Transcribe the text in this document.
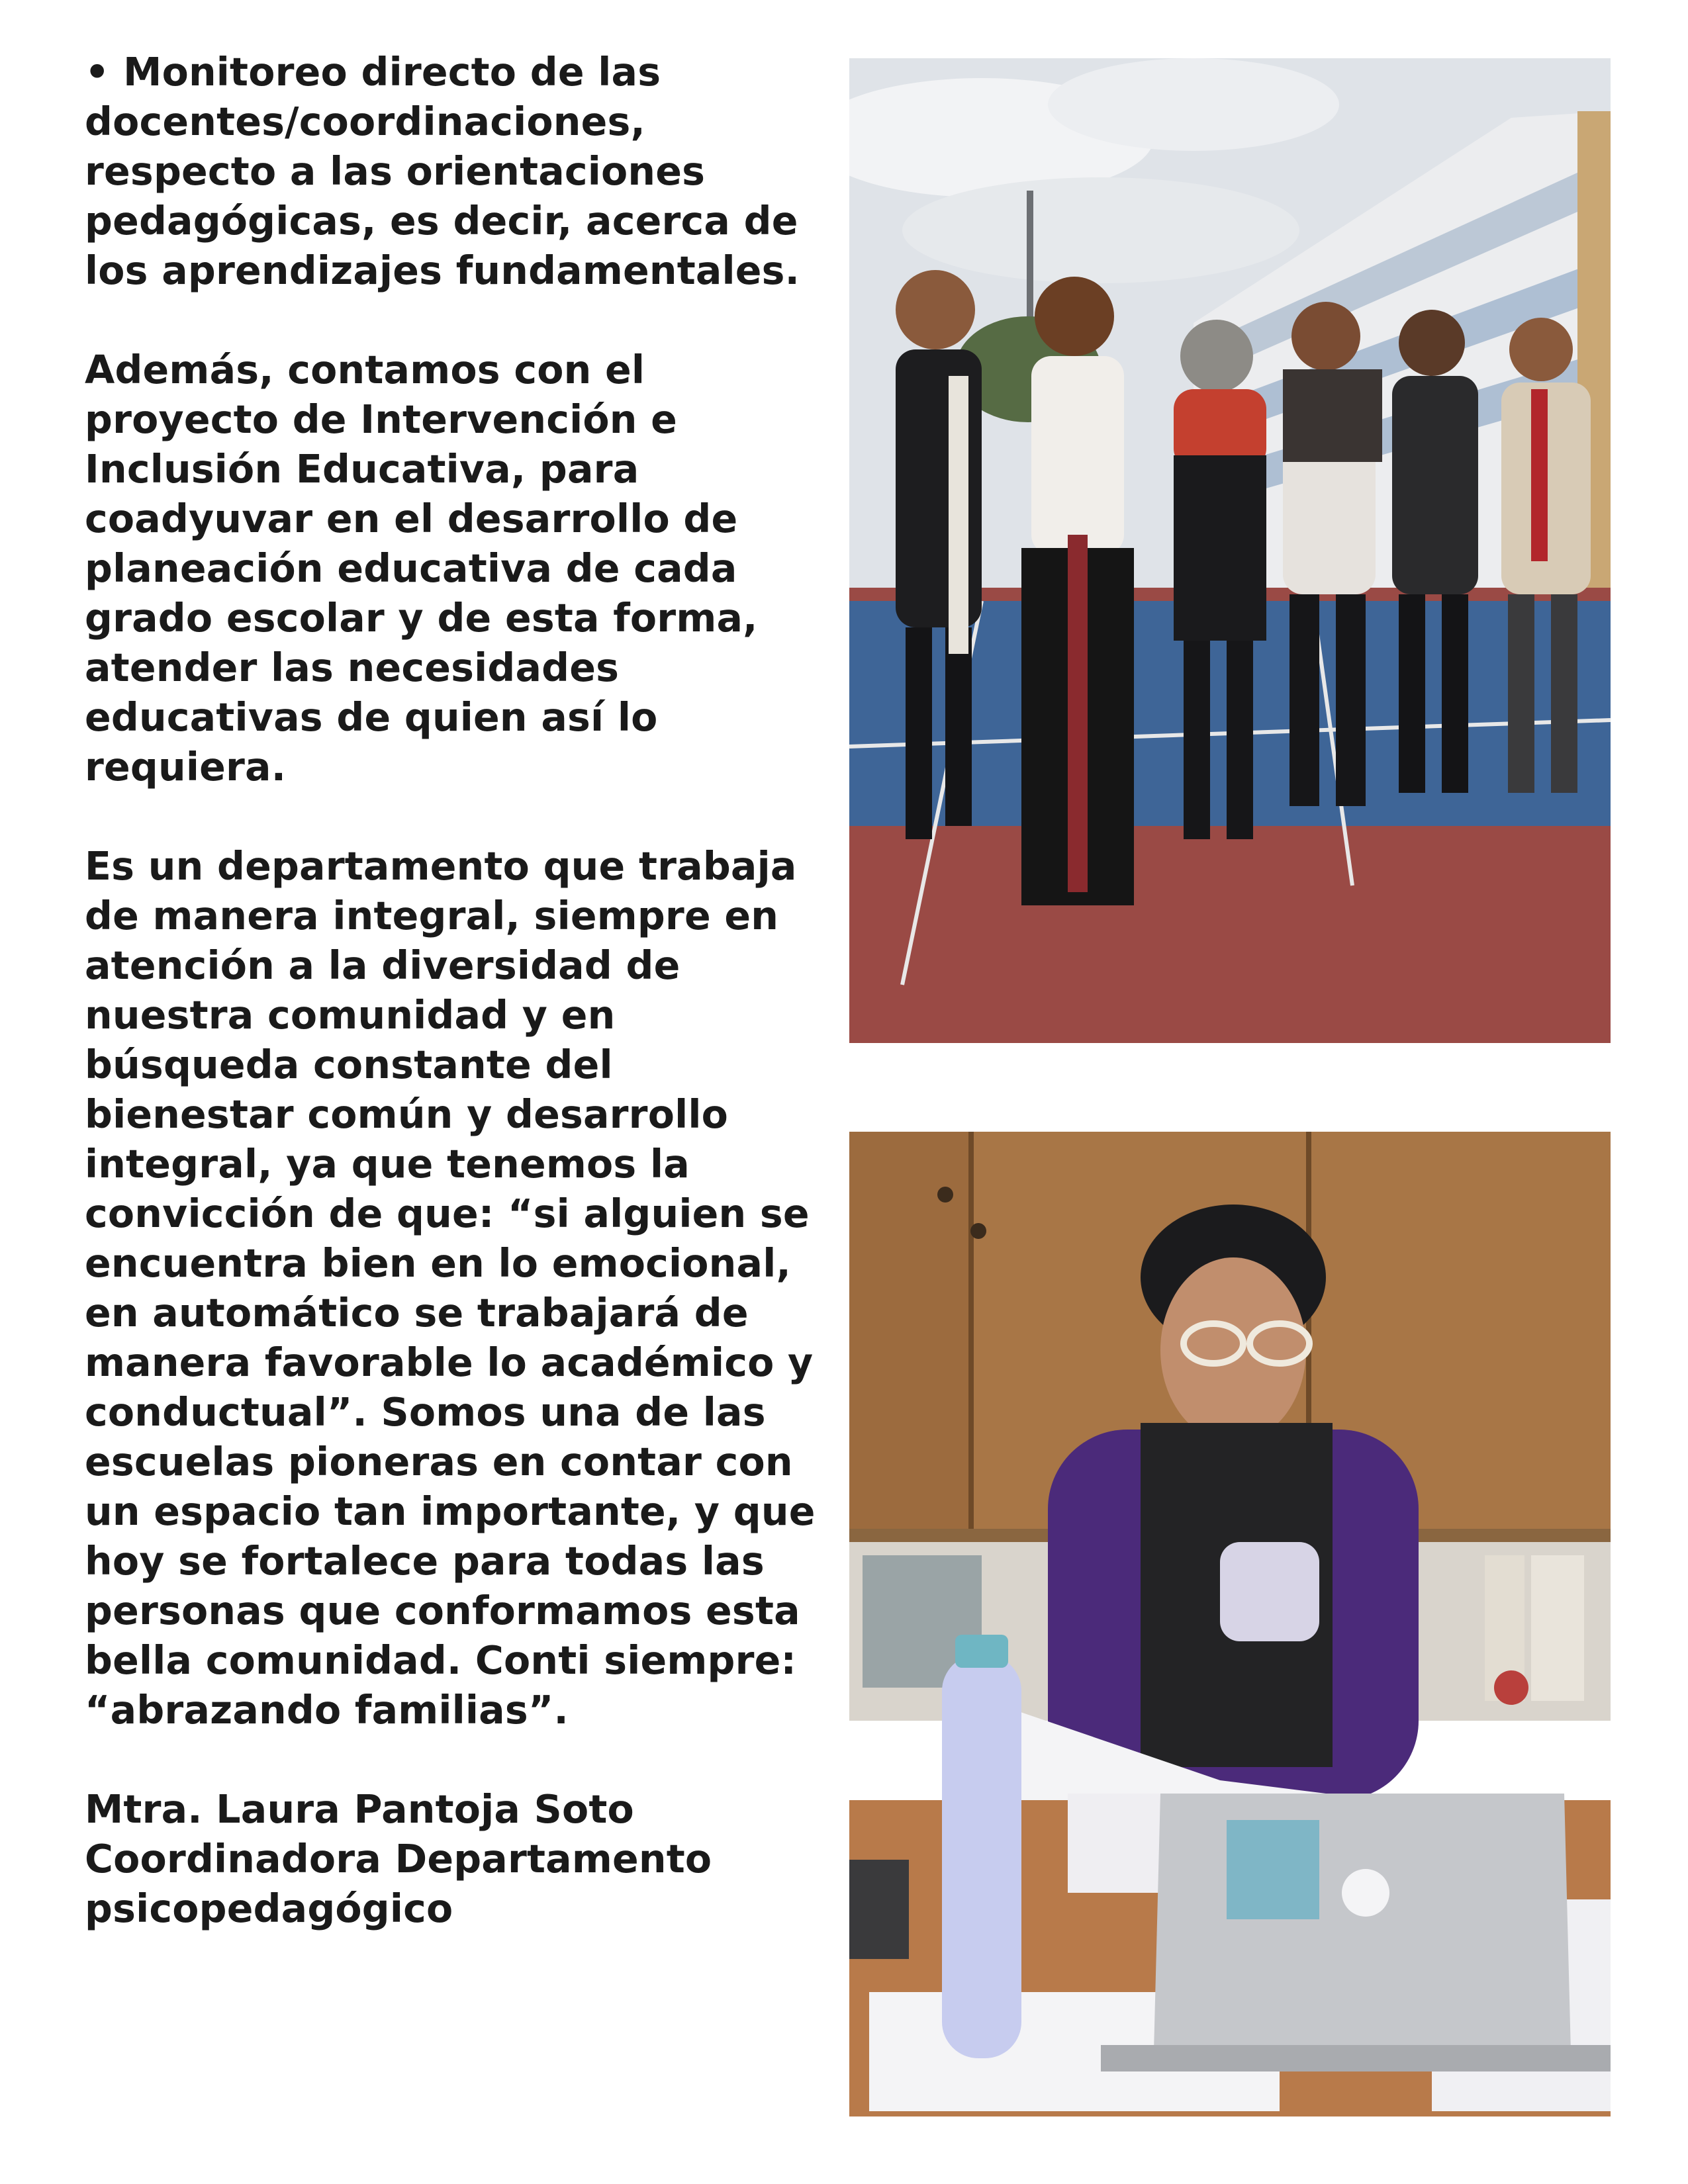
• Monitoreo directo de las docentes/coordinaciones, respecto a las orientaciones pedagógicas, es decir, acerca de los aprendizajes fundamentales.

Además, contamos con el proyecto de Intervención e Inclusión Educativa, para coadyuvar en el desarrollo de planeación educativa de cada grado escolar y de esta forma, atender las necesidades educativas de quien así lo requiera.

Es un departamento que trabaja de manera integral, siempre en atención a la diversidad de nuestra comunidad y en búsqueda constante del bienestar común y desarrollo integral, ya que tenemos la convicción de que: “si alguien se encuentra bien en lo emocional, en automático se trabajará de manera favorable lo académico y conductual”. Somos una de las escuelas pioneras en contar con un espacio tan importante, y que hoy se fortalece para todas las personas que conformamos esta bella comunidad. Conti siempre: “abrazando familias”.

Mtra. Laura Pantoja Soto
Coordinadora Departamento psicopedagógico
